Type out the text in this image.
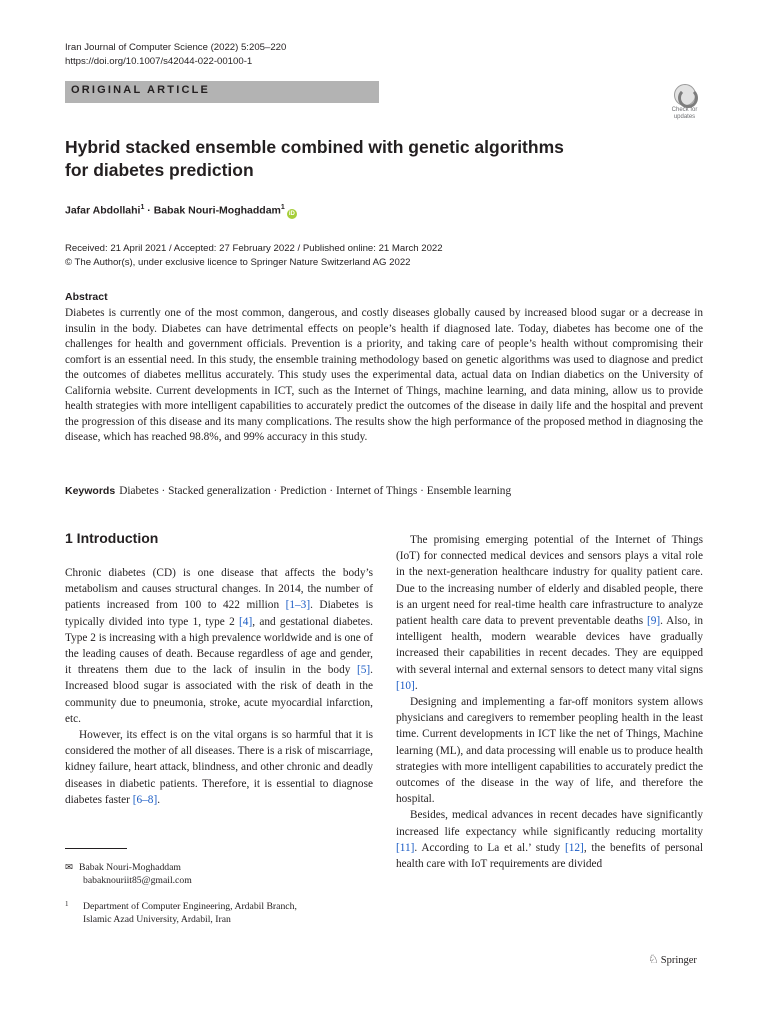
Iran Journal of Computer Science (2022) 5:205–220
https://doi.org/10.1007/s42044-022-00100-1
ORIGINAL ARTICLE
Check for updates
Hybrid stacked ensemble combined with genetic algorithms
for diabetes prediction
Jafar Abdollahi$^1$ · Babak Nouri-Moghaddam$^1$iD
Received: 21 April 2021 / Accepted: 27 February 2022 / Published online: 21 March 2022
© The Author(s), under exclusive licence to Springer Nature Switzerland AG 2022
Abstract
Diabetes is currently one of the most common, dangerous, and costly diseases globally caused by increased blood sugar or a decrease in insulin in the body. Diabetes can have detrimental effects on people’s health if diagnosed late. Today, diabetes has become one of the challenges for health and government officials. Prevention is a priority, and taking care of people’s health without compromising their comfort is an essential need. In this study, the ensemble training methodology based on genetic algorithms was used to diagnose and predict the outcomes of diabetes mellitus accurately. This study uses the experimental data, actual data on Indian diabetics on the University of California website. Current developments in ICT, such as the Internet of Things, machine learning, and data mining, allow us to provide health strategies with more intelligent capabilities to accurately predict the outcomes of the disease in daily life and the hospital and prevent the progression of this disease and its many complications. The results show the high performance of the proposed method in diagnosing the disease, which has reached 98.8%, and 99% accuracy in this study.
Keywords Diabetes · Stacked generalization · Prediction · Internet of Things · Ensemble learning
1 Introduction

Chronic diabetes (CD) is one disease that affects the body’s metabolism and causes structural changes. In 2014, the number of patients increased from 100 to 422 million [1–3]. Diabetes is typically divided into type 1, type 2 [4], and gestational diabetes. Type 2 is increasing with a high prevalence worldwide and is one of the leading causes of death. Because regardless of age and gender, it threatens them due to the lack of insulin in the body [5]. Increased blood sugar is associated with the risk of death in the community due to pneumonia, stroke, acute myocardial infarction, etc.

However, its effect is on the vital organs is so harmful that it is considered the mother of all diseases. There is a risk of miscarriage, kidney failure, heart attack, blindness, and other chronic and deadly diseases in diabetic patients. Therefore, it is essential to diagnose diabetes faster [6–8].

The promising emerging potential of the Internet of Things (IoT) for connected medical devices and sensors plays a vital role in the next-generation healthcare industry for quality patient care. Due to the increasing number of elderly and disabled people, there is an urgent need for real-time health care infrastructure to analyze patient health care data to prevent preventable deaths [9]. Also, in intelligent health, modern wearable devices have gradually increased their capabilities in recent decades. They are equipped with several internal and external sensors to detect many vital signs [10].

Designing and implementing a far-off monitors system allows physicians and caregivers to remember peopling health in the least time. Current developments in ICT like the net of Things, Machine learning (ML), and data processing will enable us to produce health strategies with more intelligent capabilities to accurately predict the outcomes of the disease in the way of life, and therefore the hospital.

Besides, medical advances in recent decades have significantly increased life expectancy while significantly reducing mortality [11]. According to La et al.’ study [12], the benefits of personal health care with IoT requirements are divided

✉ Babak Nouri-Moghaddam
babaknouriit85@gmail.com
1	Department of Computer Engineering, Ardabil Branch,
Islamic Azad University, Ardabil, Iran
♘ Springer
